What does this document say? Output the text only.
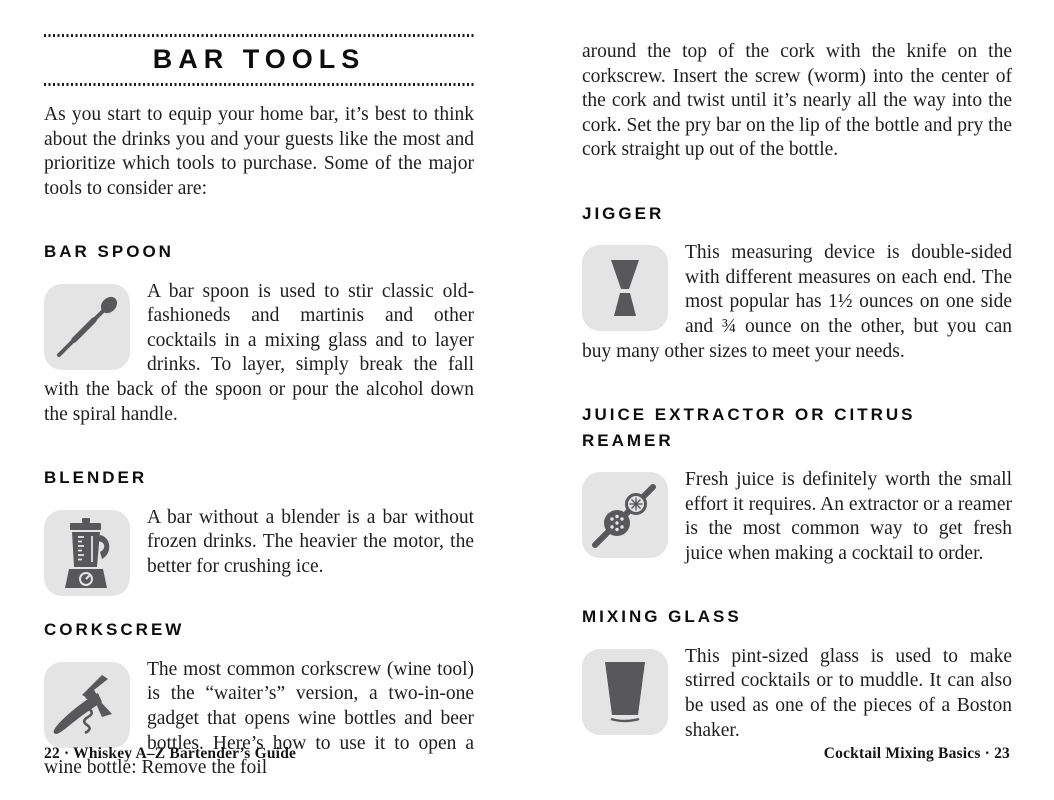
BAR TOOLS

As you start to equip your home bar, it’s best to think about the drinks you and your guests like the most and prioritize which tools to purchase. Some of the major tools to consider are:

BAR SPOON

A bar spoon is used to stir classic old-fashioneds and martinis and other cocktails in a mixing glass and to layer drinks. To layer, simply break the fall with the back of the spoon or pour the alcohol down the spiral handle.

BLENDER

A bar without a blender is a bar without frozen drinks. The heavier the motor, the better for crushing ice.

CORKSCREW

The most common corkscrew (wine tool) is the “waiter’s” version, a two-in-one gadget that opens wine bottles and beer bottles. Here’s how to use it to open a wine bottle: Remove the foil

around the top of the cork with the knife on the corkscrew. Insert the screw (worm) into the center of the cork and twist until it’s nearly all the way into the cork. Set the pry bar on the lip of the bottle and pry the cork straight up out of the bottle.

JIGGER

This measuring device is double-sided with different measures on each end. The most popular has 1½ ounces on one side and ¾ ounce on the other, but you can buy many other sizes to meet your needs.

JUICE EXTRACTOR OR CITRUS REAMER

Fresh juice is definitely worth the small effort it requires. An extractor or a reamer is the most common way to get fresh juice when making a cocktail to order.

MIXING GLASS

This pint-sized glass is used to make stirred cocktails or to muddle. It can also be used as one of the pieces of a Boston shaker.

22 · Whiskey A–Z Bartender’s Guide	Cocktail Mixing Basics · 23
